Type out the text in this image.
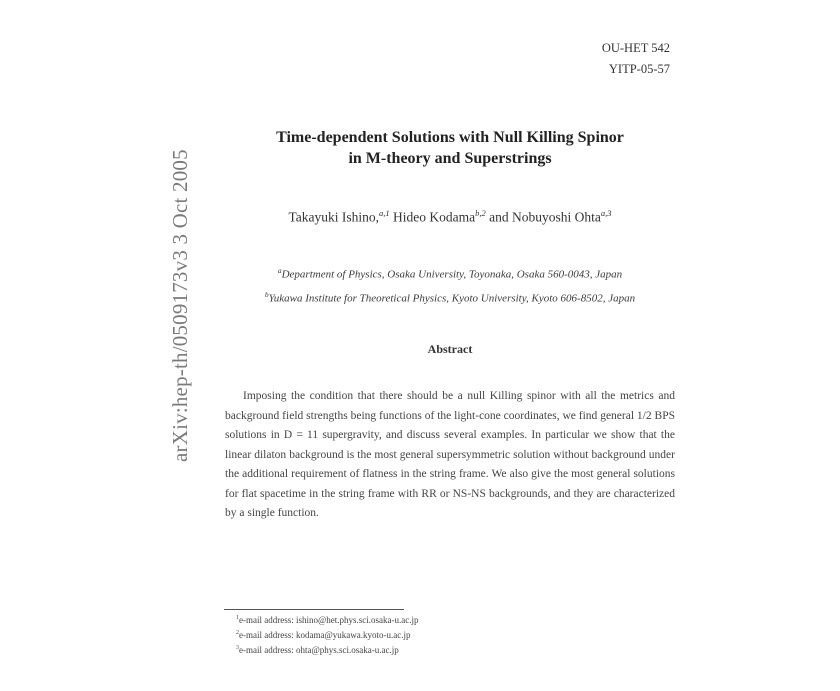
OU-HET 542
YITP-05-57
arXiv:hep-th/0509173v3 3 Oct 2005
Time-dependent Solutions with Null Killing Spinor
in M-theory and Superstrings
Takayuki Ishino,$^{a,1}$ Hideo Kodama$^{b,2}$ and Nobuyoshi Ohta$^{a,3}$
$^a$Department of Physics, Osaka University, Toyonaka, Osaka 560-0043, Japan
$^b$Yukawa Institute for Theoretical Physics, Kyoto University, Kyoto 606-8502, Japan
Abstract
Imposing the condition that there should be a null Killing spinor with all the metrics and background field strengths being functions of the light-cone coordinates, we find general 1/2 BPS solutions in D = 11 supergravity, and discuss several examples. In particular we show that the linear dilaton background is the most general supersymmetric solution without background under the additional requirement of flatness in the string frame. We also give the most general solutions for flat spacetime in the string frame with RR or NS-NS backgrounds, and they are characterized by a single function.
$^1$e-mail address: ishino@het.phys.sci.osaka-u.ac.jp
$^2$e-mail address: kodama@yukawa.kyoto-u.ac.jp
$^3$e-mail address: ohta@phys.sci.osaka-u.ac.jp
